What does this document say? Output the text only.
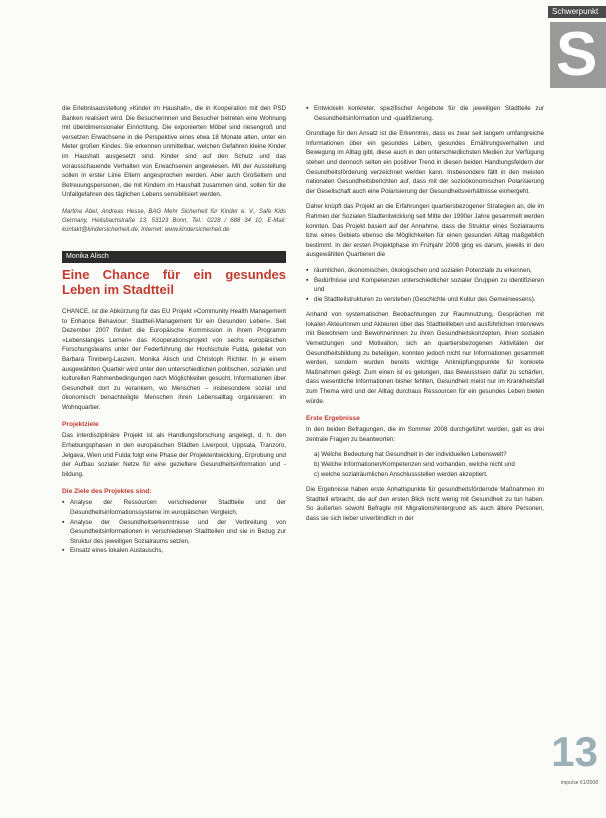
Schwerpunkt
S

die Erlebnisausstellung »Kinder im Haushalt«, die in Kooperation mit den PSD Banken realisiert wird. Die Besucherinnen und Besucher betreten eine Wohnung mit überdimensionaler Einrichtung. Die exponierten Möbel sind riesengroß und versetzen Erwachsene in die Perspektive eines etwa 18 Monate alten, unter ein Meter großen Kindes. Sie erkennen unmittelbar, welchen Gefahren kleine Kinder im Haushalt ausgesetzt sind. Kinder sind auf den Schutz und das vorausschauende Verhalten von Erwachsenen angewiesen. Mit der Ausstellung sollen in erster Linie Eltern angesprochen werden. Aber auch Großeltern und Betreuungspersonen, die mit Kindern im Haushalt zusammen sind, sollen für die Unfallgefahren des täglichen Lebens sensibilisiert werden.

Martina Abel, Andreas Hesse, BAG Mehr Sicherheit für Kinder e. V., Safe Kids Germany, Heilsbachstraße 13, 53123 Bonn, Tel.: 0228 / 688 34 10, E-Mail: kontakt@kindersicherheit.de, Internet: www.kindersicherheit.de

Monika Alisch
Eine Chance für ein gesundes Leben im Stadtteil

CHANCE, ist die Abkürzung für das EU Projekt »Community Health Management to Enhance Behaviour: Stadtteil-Management für ein Gesunden Leben«. Seit Dezember 2007 fördert die Europäische Kommission in ihrem Programm »Lebenslanges Lernen« das Kooperationsprojekt von sechs europäischen Forschungsteams unter der Federführung der Hochschule Fulda, geleitet von Barbara Tinnberg-Lauzen, Monika Alisch und Christoph Richter. In je einem ausgewählten Quartier wird unter den unterschiedlichen politischen, sozialen und kulturellen Rahmenbedingungen nach Möglichkeiten gesucht, Informationen über Gesundheit dort zu verankern, wo Menschen – insbesondere sozial und ökonomisch benachteiligte Menschen ihren Lebensalltag organisieren: im Wohnquartier.

Projektziele

Das interdisziplinäre Projekt ist als Handlungsforschung angelegt, d. h. den Erhebungsphasen in den europäischen Städten Liverpool, Uppsala, Tranzoro, Jelgava, Wien und Fulda folgt eine Phase der Projektentwicklung, Erprobung und der Aufbau sozialer Netze für eine gezieltere Gesundheitsinformation und -bildung.

Die Ziele des Projektes sind:
▪ Analyse der Ressourcen verschiedener Stadtteile und der Gesundheitsinformationssysteme im europäischen Vergleich,
▪ Analyse der Gesundheitserkenntnisse und der Verbreitung von Gesundheitsinformationen in verschiedenen Stadtteilen und sie in Bezug zur Struktur des jeweiligen Sozialraums setzen,
▪ Einsatz eines lokalen Austauschs,
▪ Entwickeln konkreter, spezifischer Angebote für die jeweiligen Stadtteile zur Gesundheitsinformation und -qualifizierung.

Grundlage für den Ansatz ist die Erkenntnis, dass es zwar seit langem umfangreiche Informationen über ein gesundes Leben, gesundes Ernährungsverhalten und Bewegung im Alltag gibt, diese auch in den unterschiedlichsten Medien zur Verfügung stehen und dennoch selten ein positiver Trend in diesen beiden Handlungsfeldern der Gesundheitsförderung verzeichnet werden kann. Insbesondere fällt in den meisten nationalen Gesundheitsberichten auf, dass mit der sozioökonomischen Polarisierung der Gesellschaft auch eine Polarisierung der Gesundheitsverhältnisse einhergeht.

Daher knüpft das Projekt an die Erfahrungen quartiersbezogener Strategien an, die im Rahmen der Sozialen Stadtentwicklung seit Mitte der 1990er Jahre gesammelt werden konnten. Das Projekt basiert auf der Annahme, dass die Struktur eines Sozialraums bzw. eines Gebiets ebenso die Möglichkeiten für einen gesunden Alltag maßgeblich bestimmt. In der ersten Projektphase im Frühjahr 2008 ging es darum, jeweils in den ausgewählten Quartieren die

▪ räumlichen, ökonomischen, ökologischen und sozialen Potenziale zu erkennen,
▪ Bedürfnisse und Kompetenzen unterschiedlicher sozialer Gruppen zu identifizieren und
▪ die Stadtteilstrukturen zu verstehen (Geschichte und Kultur des Gemeinwesens).

Anhand von systematischen Beobachtungen zur Raumnutzung, Gesprächen mit lokalen Akteurinnen und Akteuren über das Stadtteilleben und ausführlichen Interviews mit Bewohnern und Bewohnerinnen zu ihren Gesundheitskonzepten, ihren sozialen Vernetzungen und Motivation, sich an quartiersbezogenen Aktivitäten der Gesundheitsbildung zu beteiligen, konnten jedoch nicht nur Informationen gesammelt werden, sondern wurden bereits wichtige Anknüpfungspunkte für konkrete Maßnahmen gelegt. Zum einen ist es gelungen, das Bewusstsein dafür zu schärfen, dass wesentliche Informationen bisher fehlten, Gesundheit meist nur im Krankheitsfall zum Thema wird und der Alltag durchaus Ressourcen für ein gesundes Leben bieten würde.

Erste Ergebnisse

In den beiden Befragungen, die im Sommer 2008 durchgeführt wurden, galt es drei zentrale Fragen zu beantworten:

a) Welche Bedeutung hat Gesundheit in der individuellen Lebenswelt?
b) Welche Informationen/Kompetenzen sind vorhanden, welche nicht und
c) welche sozialräumlichen Anschlussstellen werden akzeptiert.

Die Ergebnisse haben erste Anhaltspunkte für gesundheitsfördernde Maßnahmen im Stadtteil erbracht, die auf den ersten Blick nicht wenig mit Gesundheit zu tun haben. So äußerten sowohl Befragte mit Migrationshintergrund als auch ältere Personen, dass sie sich lieber unverbindlich in der

13
impu!se 61/2008
